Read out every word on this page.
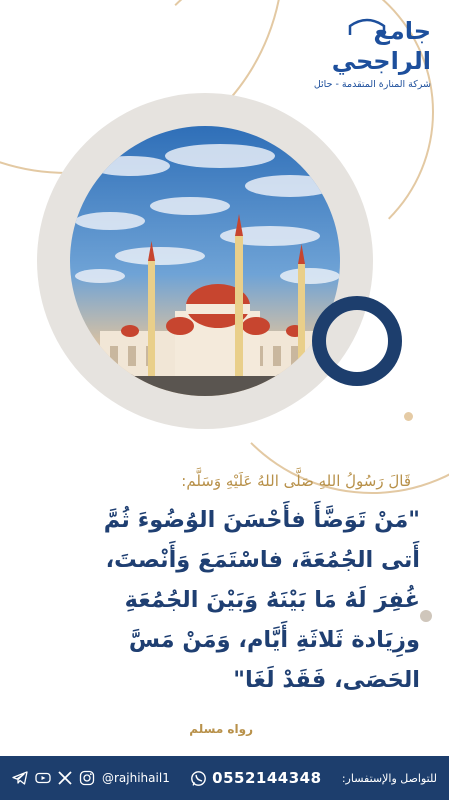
جامع الراجحي
شركة المنارة المتقدمة - حائل
قَالَ رَسُولُ اللهِ صَلَّى اللهُ عَلَيْهِ وَسَلَّم:
"مَنْ تَوَضَّأَ فأَحْسَنَ الوُضُوءَ ثُمَّ
أَتى الجُمُعَةَ، فاسْتَمَعَ وَأَنْصتَ،
غُفِرَ لَهُ مَا بَيْنَهُ وَبَيْنَ الجُمُعَةِ
وزِيَادة ثَلاثَةِ أَيَّام، وَمَنْ مَسَّ
الحَصَى، فَقَدْ لَغَا"
رواه مسلم
@rajhihail1	0552144348 للتواصل والإستفسار:
